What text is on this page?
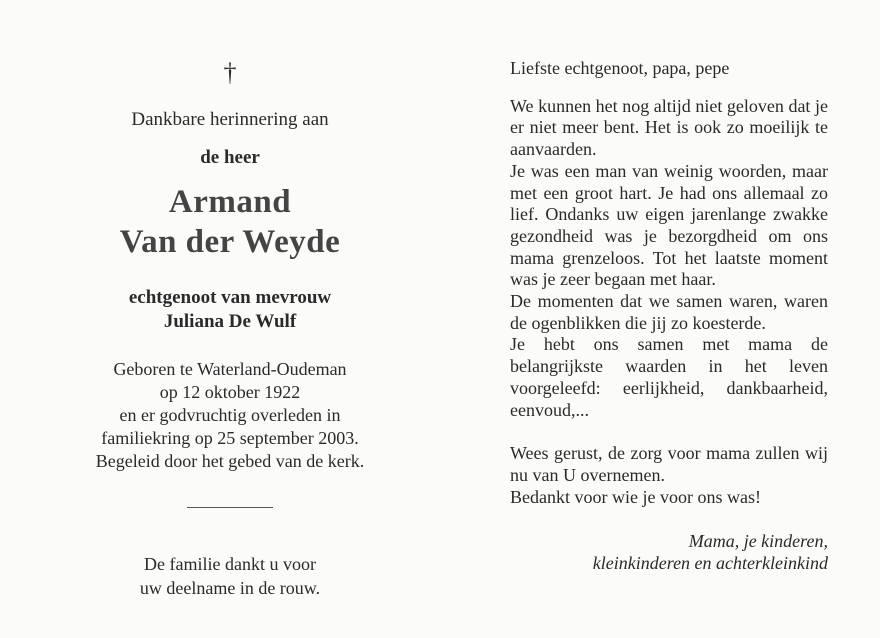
†
Dankbare herinnering aan
de heer
Armand
Van der Weyde
echtgenoot van mevrouw
Juliana De Wulf
Geboren te Waterland-Oudeman
op 12 oktober 1922
en er godvruchtig overleden in
familiekring op 25 september 2003.
Begeleid door het gebed van de kerk.
De familie dankt u voor
uw deelname in de rouw.

Liefste echtgenoot, papa, pepe

We kunnen het nog altijd niet geloven dat je er niet meer bent. Het is ook zo moeilijk te aanvaarden.

Je was een man van weinig woorden, maar met een groot hart. Je had ons allemaal zo lief. Ondanks uw eigen jarenlange zwakke gezondheid was je bezorgdheid om ons mama grenzeloos. Tot het laatste moment was je zeer begaan met haar.

De momenten dat we samen waren, waren de ogenblikken die jij zo koesterde.

Je hebt ons samen met mama de belangrijkste waarden in het leven voorgeleefd: eerlijkheid, dankbaarheid, eenvoud,...

Wees gerust, de zorg voor mama zullen wij nu van U overnemen.

Bedankt voor wie je voor ons was!

Mama, je kinderen,
kleinkinderen en achterkleinkind
